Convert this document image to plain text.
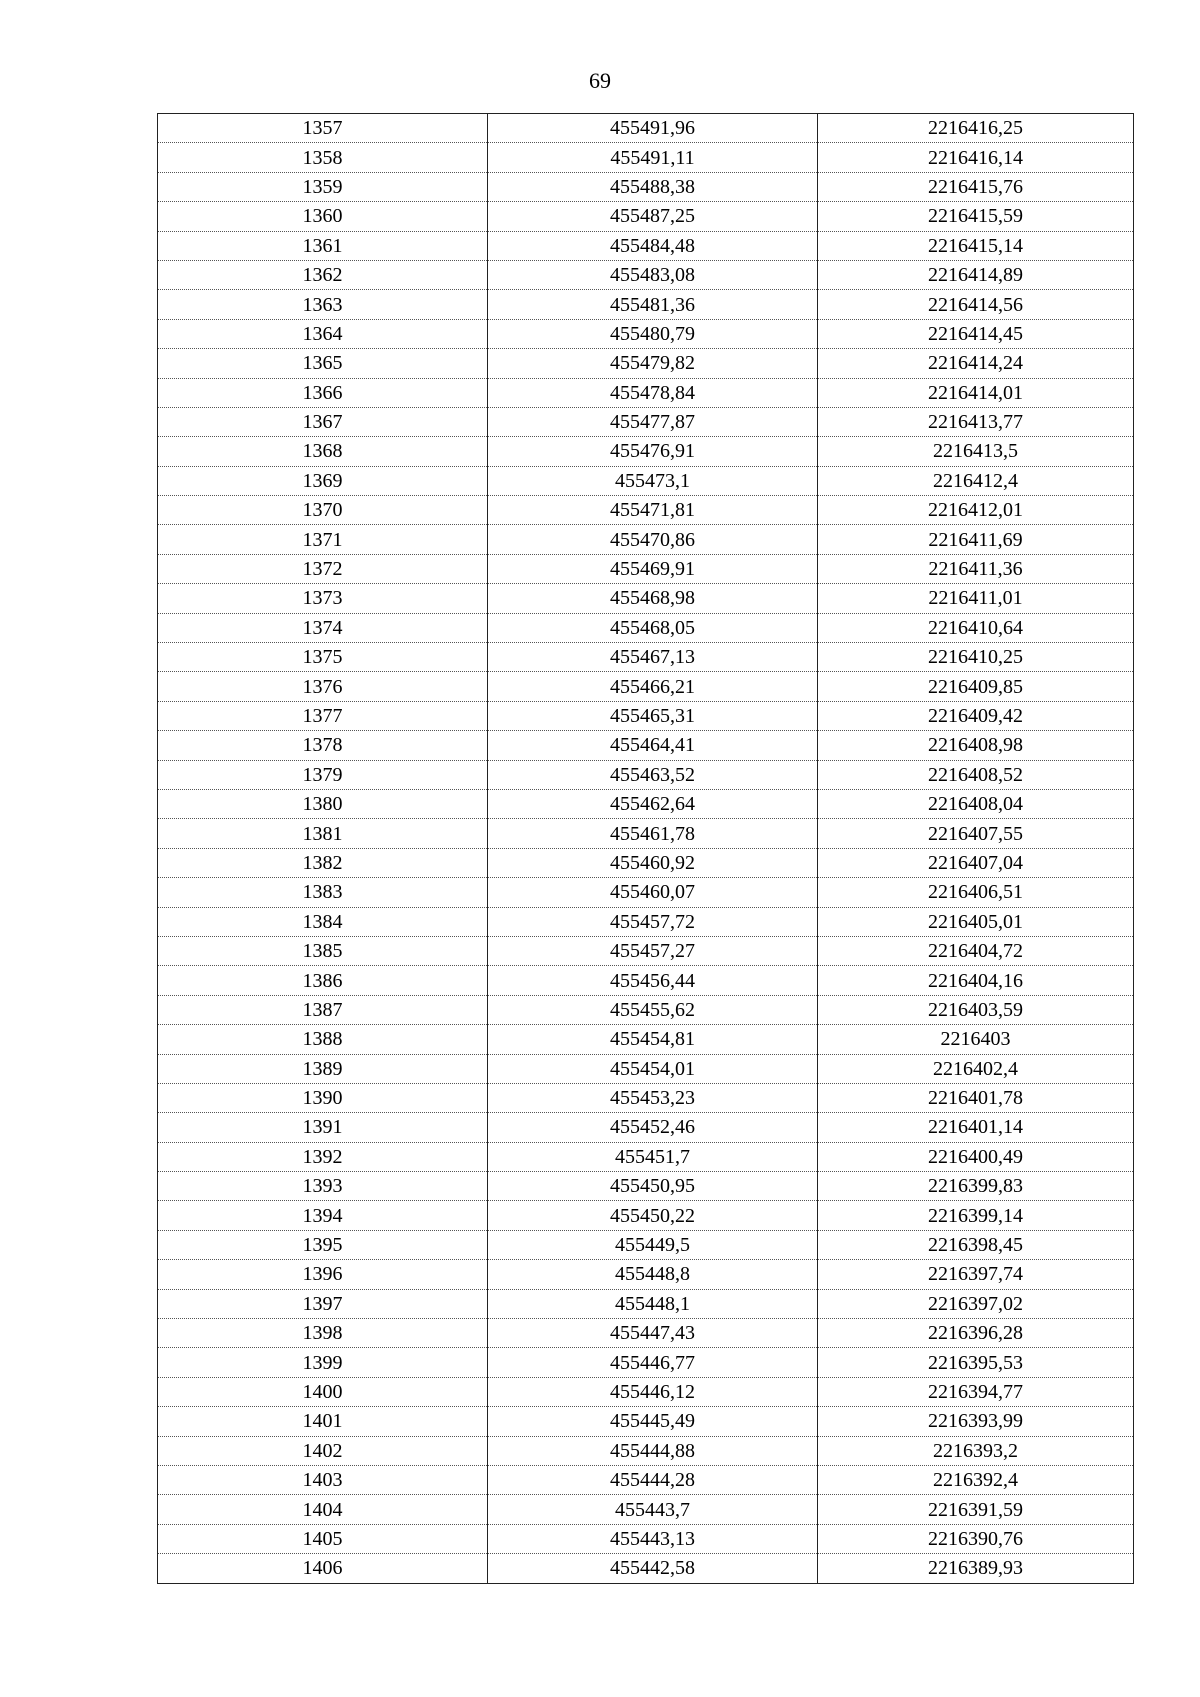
69
1357	455491,96	2216416,25
1358	455491,11	2216416,14
1359	455488,38	2216415,76
1360	455487,25	2216415,59
1361	455484,48	2216415,14
1362	455483,08	2216414,89
1363	455481,36	2216414,56
1364	455480,79	2216414,45
1365	455479,82	2216414,24
1366	455478,84	2216414,01
1367	455477,87	2216413,77
1368	455476,91	2216413,5
1369	455473,1	2216412,4
1370	455471,81	2216412,01
1371	455470,86	2216411,69
1372	455469,91	2216411,36
1373	455468,98	2216411,01
1374	455468,05	2216410,64
1375	455467,13	2216410,25
1376	455466,21	2216409,85
1377	455465,31	2216409,42
1378	455464,41	2216408,98
1379	455463,52	2216408,52
1380	455462,64	2216408,04
1381	455461,78	2216407,55
1382	455460,92	2216407,04
1383	455460,07	2216406,51
1384	455457,72	2216405,01
1385	455457,27	2216404,72
1386	455456,44	2216404,16
1387	455455,62	2216403,59
1388	455454,81	2216403
1389	455454,01	2216402,4
1390	455453,23	2216401,78
1391	455452,46	2216401,14
1392	455451,7	2216400,49
1393	455450,95	2216399,83
1394	455450,22	2216399,14
1395	455449,5	2216398,45
1396	455448,8	2216397,74
1397	455448,1	2216397,02
1398	455447,43	2216396,28
1399	455446,77	2216395,53
1400	455446,12	2216394,77
1401	455445,49	2216393,99
1402	455444,88	2216393,2
1403	455444,28	2216392,4
1404	455443,7	2216391,59
1405	455443,13	2216390,76
1406	455442,58	2216389,93
